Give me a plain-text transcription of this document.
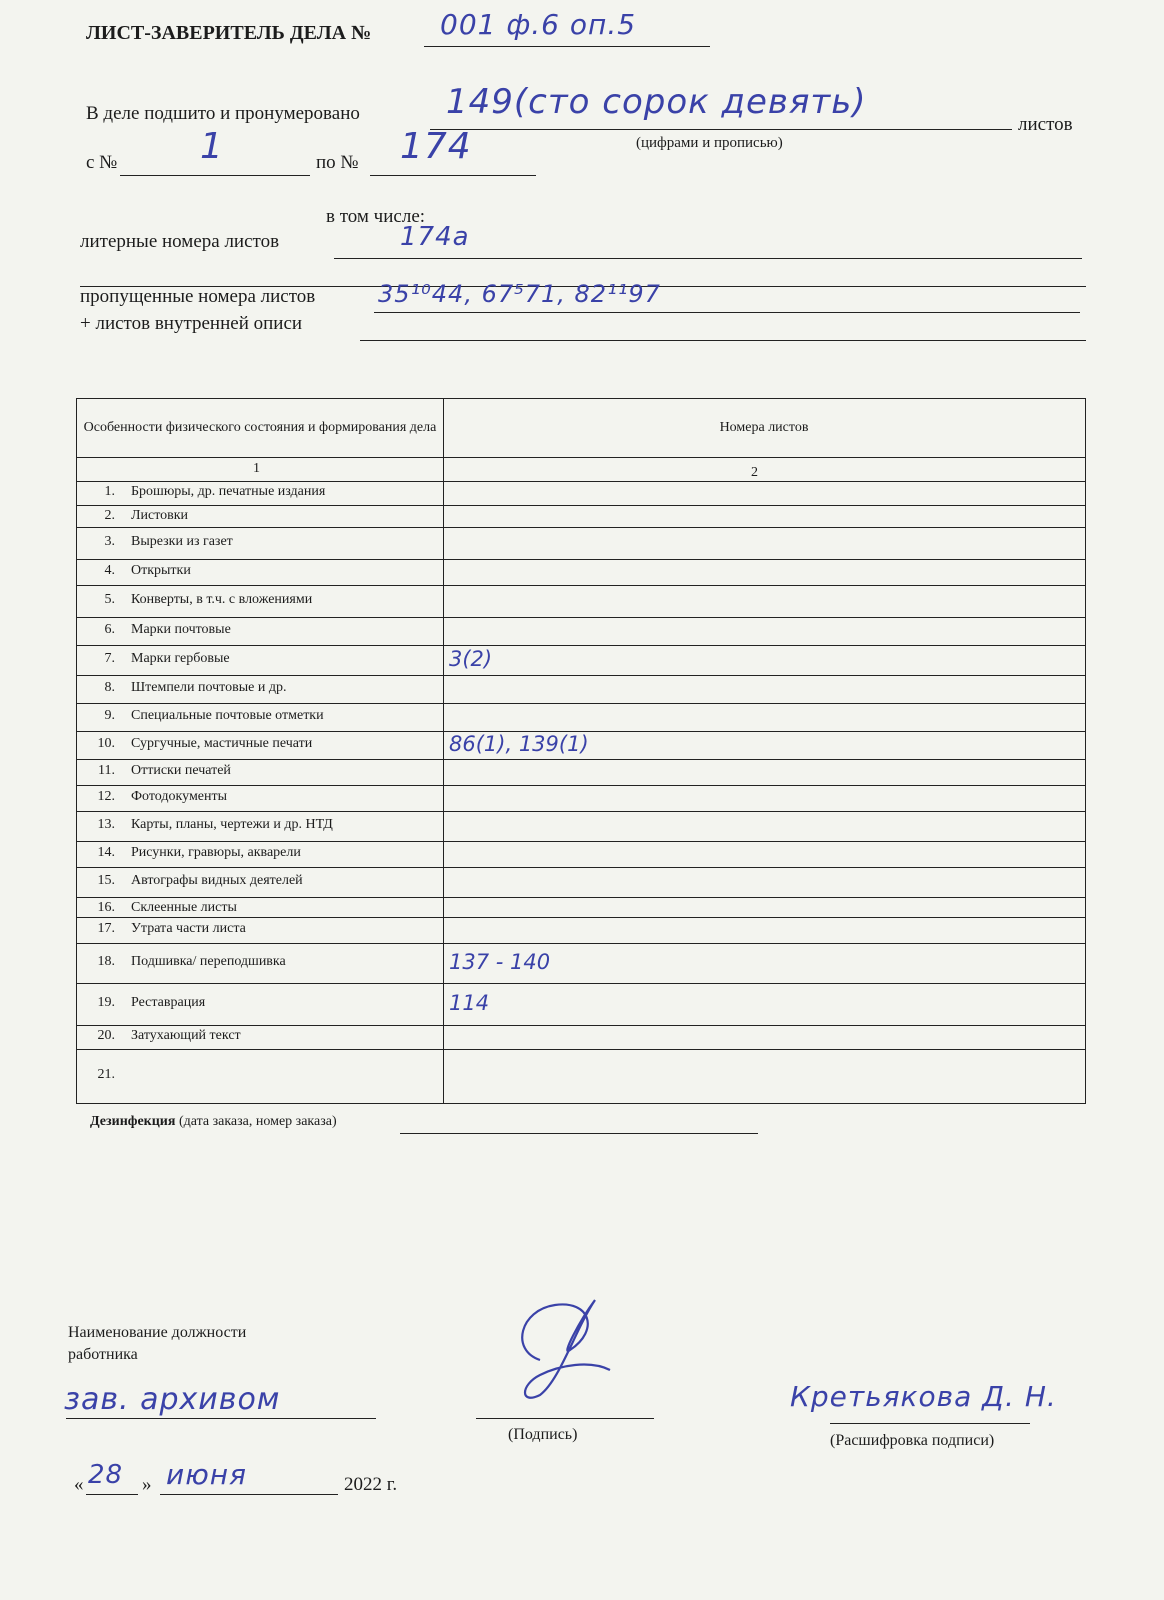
ЛИСТ-ЗАВЕРИТЕЛЬ ДЕЛА № 001 ф.6 оп.5
В деле подшито и пронумеровано	149(сто сорок девять)
листов
(цифрами и прописью)
с № 1	по № 174
в том числе:
литерные номера листов	174а
пропущенные номера листов	35¹⁰44, 67⁵71, 82¹¹97
+ листов внутренней описи
Особенности физического состояния и формирования дела	Номера листов
1	2
1. Брошюры, др. печатные издания
2. Листовки
3. Вырезки из газет
4. Открытки
5. Конверты, в т.ч. с вложениями
6. Марки почтовые
7. Марки гербовые	3(2)
8. Штемпели почтовые и др.
9. Специальные почтовые отметки
10. Сургучные, мастичные печати	86(1), 139(1)
11. Оттиски печатей
12. Фотодокументы
13. Карты, планы, чертежи и др. НТД
14. Рисунки, гравюры, акварели
15. Автографы видных деятелей
16. Склеенные листы
17. Утрата части листа
18. Подшивка/ переподшивка	137 - 140
19. Реставрация	114
20. Затухающий текст
21.
Дезинфекция (дата заказа, номер заказа)
Наименование должности
работника
зав. архивом
(Подпись)
Кретьякова Д. Н.
(Расшифровка подписи)
« 28 » июня	2022 г.
